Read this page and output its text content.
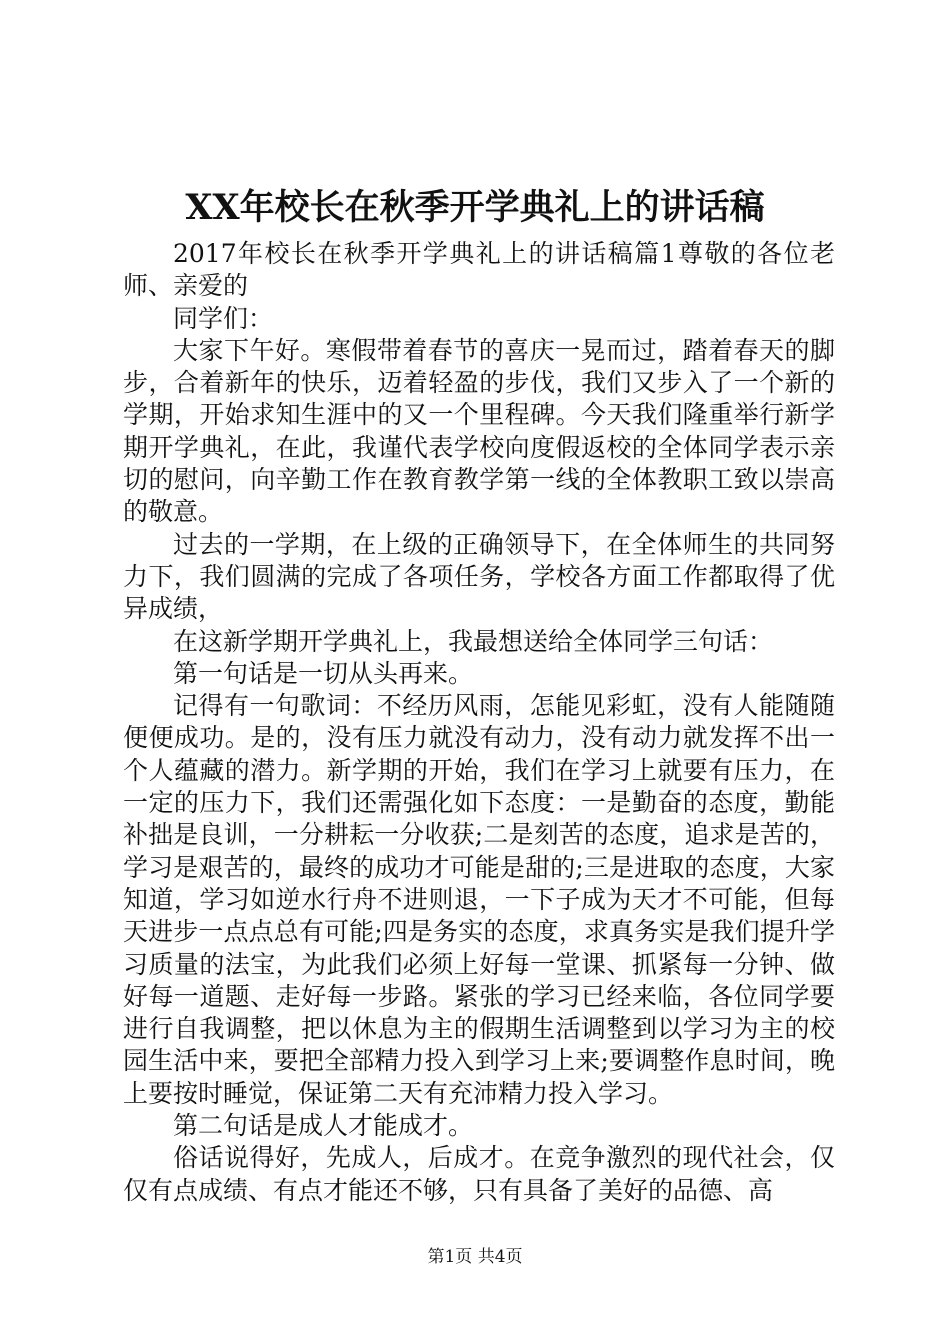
XX年校长在秋季开学典礼上的讲话稿

2017年校长在秋季开学典礼上的讲话稿篇1尊敬的各位老师、亲爱的

同学们：

大家下午好。寒假带着春节的喜庆一晃而过，踏着春天的脚步，合着新年的快乐，迈着轻盈的步伐，我们又步入了一个新的学期，开始求知生涯中的又一个里程碑。今天我们隆重举行新学期开学典礼，在此，我谨代表学校向度假返校的全体同学表示亲切的慰问，向辛勤工作在教育教学第一线的全体教职工致以崇高的敬意。

过去的一学期，在上级的正确领导下，在全体师生的共同努力下，我们圆满的完成了各项任务，学校各方面工作都取得了优异成绩，

在这新学期开学典礼上，我最想送给全体同学三句话：

第一句话是一切从头再来。

记得有一句歌词：不经历风雨，怎能见彩虹，没有人能随随便便成功。是的，没有压力就没有动力，没有动力就发挥不出一个人蕴藏的潜力。新学期的开始，我们在学习上就要有压力，在一定的压力下，我们还需强化如下态度：一是勤奋的态度，勤能补拙是良训，一分耕耘一分收获;二是刻苦的态度，追求是苦的，学习是艰苦的，最终的成功才可能是甜的;三是进取的态度，大家知道，学习如逆水行舟不进则退，一下子成为天才不可能，但每天进步一点点总有可能;四是务实的态度，求真务实是我们提升学习质量的法宝，为此我们必须上好每一堂课、抓紧每一分钟、做好每一道题、走好每一步路。紧张的学习已经来临，各位同学要进行自我调整，把以休息为主的假期生活调整到以学习为主的校园生活中来，要把全部精力投入到学习上来;要调整作息时间，晚上要按时睡觉，保证第二天有充沛精力投入学习。

第二句话是成人才能成才。

俗话说得好，先成人，后成才。在竞争激烈的现代社会，仅仅有点成绩、有点才能还不够，只有具备了美好的品德、高

第1页 共4页
